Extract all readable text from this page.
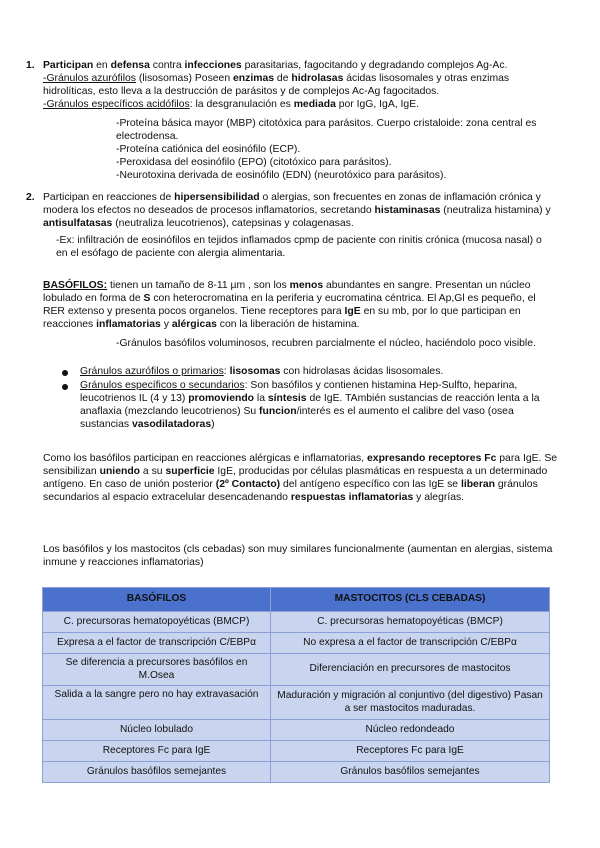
1. Participan en defensa contra infecciones parasitarias, fagocitando y degradando complejos Ag-Ac.

-Gránulos azurófilos (lisosomas) Poseen enzimas de hidrolasas ácidas lisosomales y otras enzimas hidrolíticas, esto lleva a la destrucción de parásitos y de complejos Ac-Ag fagocitados.

-Gránulos específicos acidófilos: la desgranulación es mediada por IgG, IgA, IgE.

-Proteína básica mayor (MBP) citotóxica para parásitos. Cuerpo cristaloide: zona central es electrodensa.

-Proteína catiónica del eosinófilo (ECP).

-Peroxidasa del eosinófilo (EPO) (citotóxico para parásitos).

-Neurotoxina derivada de eosinófilo (EDN) (neurotóxico para parásitos).

2. Participan en reacciones de hipersensibilidad o alergias, son frecuentes en zonas de inflamación crónica y modera los efectos no deseados de procesos inflamatorios, secretando histaminasas (neutraliza histamina) y antisulfatasas (neutraliza leucotrienos), catepsinas y colagenasas.

-Ex: infiltración de eosinófilos en tejidos inflamados cpmp de paciente con rinitis crónica (mucosa nasal) o en el esófago de paciente con alergia alimentaria.

BASÓFILOS: tienen un tamaño de 8-11 µm , son los menos abundantes en sangre. Presentan un núcleo lobulado en forma de S con heterocromatina en la periferia y eucromatina céntrica. El Ap,Gl es pequeño, el RER extenso y presenta pocos organelos. Tiene receptores para IgE en su mb, por lo que participan en reacciones inflamatorias y alérgicas con la liberación de histamina.

-Gránulos basófilos voluminosos, recubren parcialmente el núcleo, haciéndolo poco visible.

Gránulos azurófilos o primarios: lisosomas con hidrolasas ácidas lisosomales.

Gránulos específicos o secundarios: Son basófilos y contienen histamina Hep-Sulfto, heparina, leucotrienos IL (4 y 13) promoviendo la síntesis de IgE. TAmbién sustancias de reacción lenta a la anaflaxia (mezclando leucotrienos) Su funcion/interés es el aumento el calibre del vaso (osea sustancias vasodilatadoras)

Como los basófilos participan en reacciones alérgicas e inflamatorias, expresando receptores Fc para IgE. Se sensibilizan uniendo a su superficie IgE, producidas por células plasmáticas en respuesta a un determinado antígeno. En caso de unión posterior (2º Contacto) del antígeno específico con las IgE se liberan gránulos secundarios al espacio extracelular desencadenando respuestas inflamatorias y alegrías.

Los basófilos y los mastocitos (cls cebadas) son muy similares funcionalmente (aumentan en alergias, sistema inmune y reacciones inflamatorias)

BASÓFILOS	MASTOCITOS (CLS CEBADAS)
C. precursoras hematopoyéticas (BMCP)	C. precursoras hematopoyéticas (BMCP)
Expresa a el factor de transcripción C/EBPα	No expresa a el factor de transcripción C/EBPα
Se diferencia a precursores basófilos en M.Osea	Diferenciación en precursores de mastocitos
Salida a la sangre pero no hay extravasación	Maduración y migración al conjuntivo (del digestivo) Pasan a ser mastocitos maduradas.
Núcleo lobulado	Núcleo redondeado
Receptores Fc para IgE	Receptores Fc para IgE
Gránulos basófilos semejantes	Gránulos basófilos semejantes
